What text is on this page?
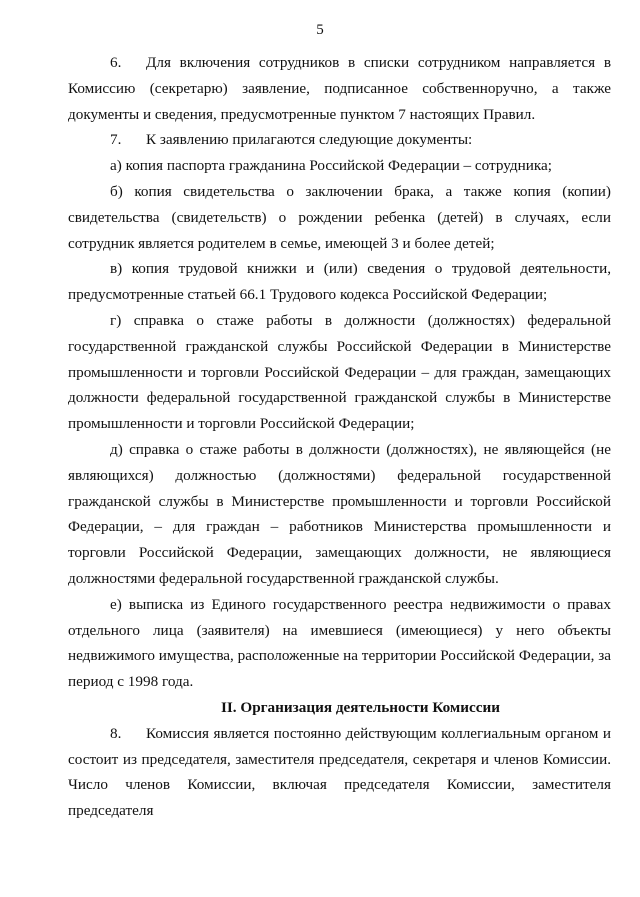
5

6. Для включения сотрудников в списки сотрудником направляется в Комиссию (секретарю) заявление, подписанное собственноручно, а также документы и сведения, предусмотренные пунктом 7 настоящих Правил.

7. К заявлению прилагаются следующие документы:

а) копия паспорта гражданина Российской Федерации – сотрудника;

б) копия свидетельства о заключении брака, а также копия (копии) свидетельства (свидетельств) о рождении ребенка (детей) в случаях, если сотрудник является родителем в семье, имеющей 3 и более детей;

в) копия трудовой книжки и (или) сведения о трудовой деятельности, предусмотренные статьей 66.1 Трудового кодекса Российской Федерации;

г) справка о стаже работы в должности (должностях) федеральной государственной гражданской службы Российской Федерации в Министерстве промышленности и торговли Российской Федерации – для граждан, замещающих должности федеральной государственной гражданской службы в Министерстве промышленности и торговли Российской Федерации;

д) справка о стаже работы в должности (должностях), не являющейся (не являющихся) должностью (должностями) федеральной государственной гражданской службы в Министерстве промышленности и торговли Российской Федерации, – для граждан – работников Министерства промышленности и торговли Российской Федерации, замещающих должности, не являющиеся должностями федеральной государственной гражданской службы.

е) выписка из Единого государственного реестра недвижимости о правах отдельного лица (заявителя) на имевшиеся (имеющиеся) у него объекты недвижимого имущества, расположенные на территории Российской Федерации, за период с 1998 года.

II. Организация деятельности Комиссии

8. Комиссия является постоянно действующим коллегиальным органом и состоит из председателя, заместителя председателя, секретаря и членов Комиссии. Число членов Комиссии, включая председателя Комиссии, заместителя председателя
